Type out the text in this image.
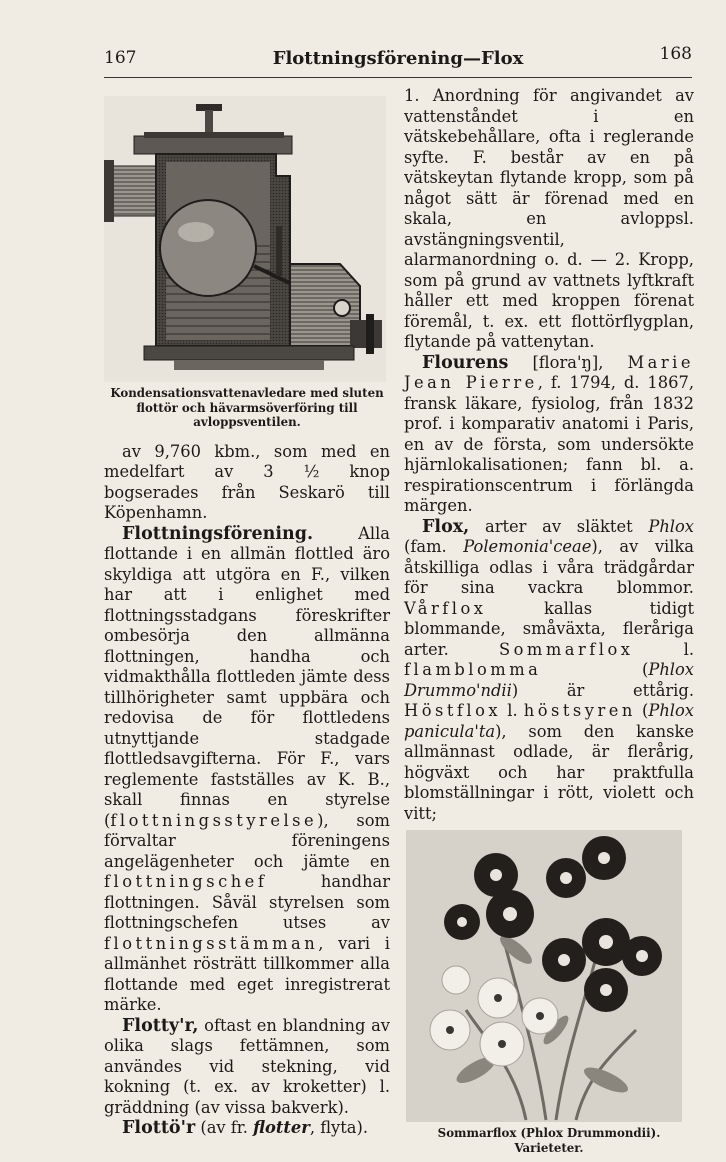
167	Flottningsförening—Flox	168
Kondensationsvattenavledare med sluten flottör och hävarmsöverföring till avloppsventilen.

av 9,760 kbm., som med en medelfart av 3 ½ knop bogserades från Seskarö till Köpenhamn.

Flottningsförening. Alla flottande i en allmän flottled äro skyldiga att utgöra en F., vilken har att i enlighet med flottningsstadgans föreskrifter ombesörja den allmänna flottningen, handha och vidmakthålla flottleden jämte dess tillhörigheter samt uppbära och redovisa de för flottledens utnyttjande stadgade flottledsavgifterna. För F., vars reglemente fastställes av K. B., skall finnas en styrelse (flottningsstyrelse), som förvaltar föreningens angelägenheter och jämte en flottningschef handhar flottningen. Såväl styrelsen som flottningschefen utses av flottningsstämman, vari i allmänhet rösträtt tillkommer alla flottande med eget inregistrerat märke.

Flotty'r, oftast en blandning av olika slags fettämnen, som användes vid stekning, vid kokning (t. ex. av kroketter) l. gräddning (av vissa bakverk).

Flottö'r (av fr. flotter, flyta).

1. Anordning för angivandet av vattenståndet i en vätskebehållare, ofta i reglerande syfte. F. består av en på vätskeytan flytande kropp, som på något sätt är förenad med en skala, en avloppsl. avstängningsventil, alarmanordning o. d. — 2. Kropp, som på grund av vattnets lyftkraft håller ett med kroppen förenat föremål, t. ex. ett flottörflygplan, flytande på vattenytan.

Flourens [flora'ŋ], Marie Jean Pierre, f. 1794, d. 1867, fransk läkare, fysiolog, från 1832 prof. i komparativ anatomi i Paris, en av de första, som undersökte hjärnlokalisationen; fann bl. a. respirationscentrum i förlängda märgen.

Flox, arter av släktet Phlox (fam. Polemonia'ceae), av vilka åtskilliga odlas i våra trädgårdar för sina vackra blommor. Vårflox kallas tidigt blommande, småväxta, fleråriga arter. Sommarflox l. flamblomma (Phlox Drummo'ndii) är ettårig. Höstflox l. höstsyren (Phlox panicula'ta), som den kanske allmännast odlade, är flerårig, högväxt och har praktfulla blomställningar i rött, violett och vitt;

Sommarflox (Phlox Drummondii). Varieteter.
